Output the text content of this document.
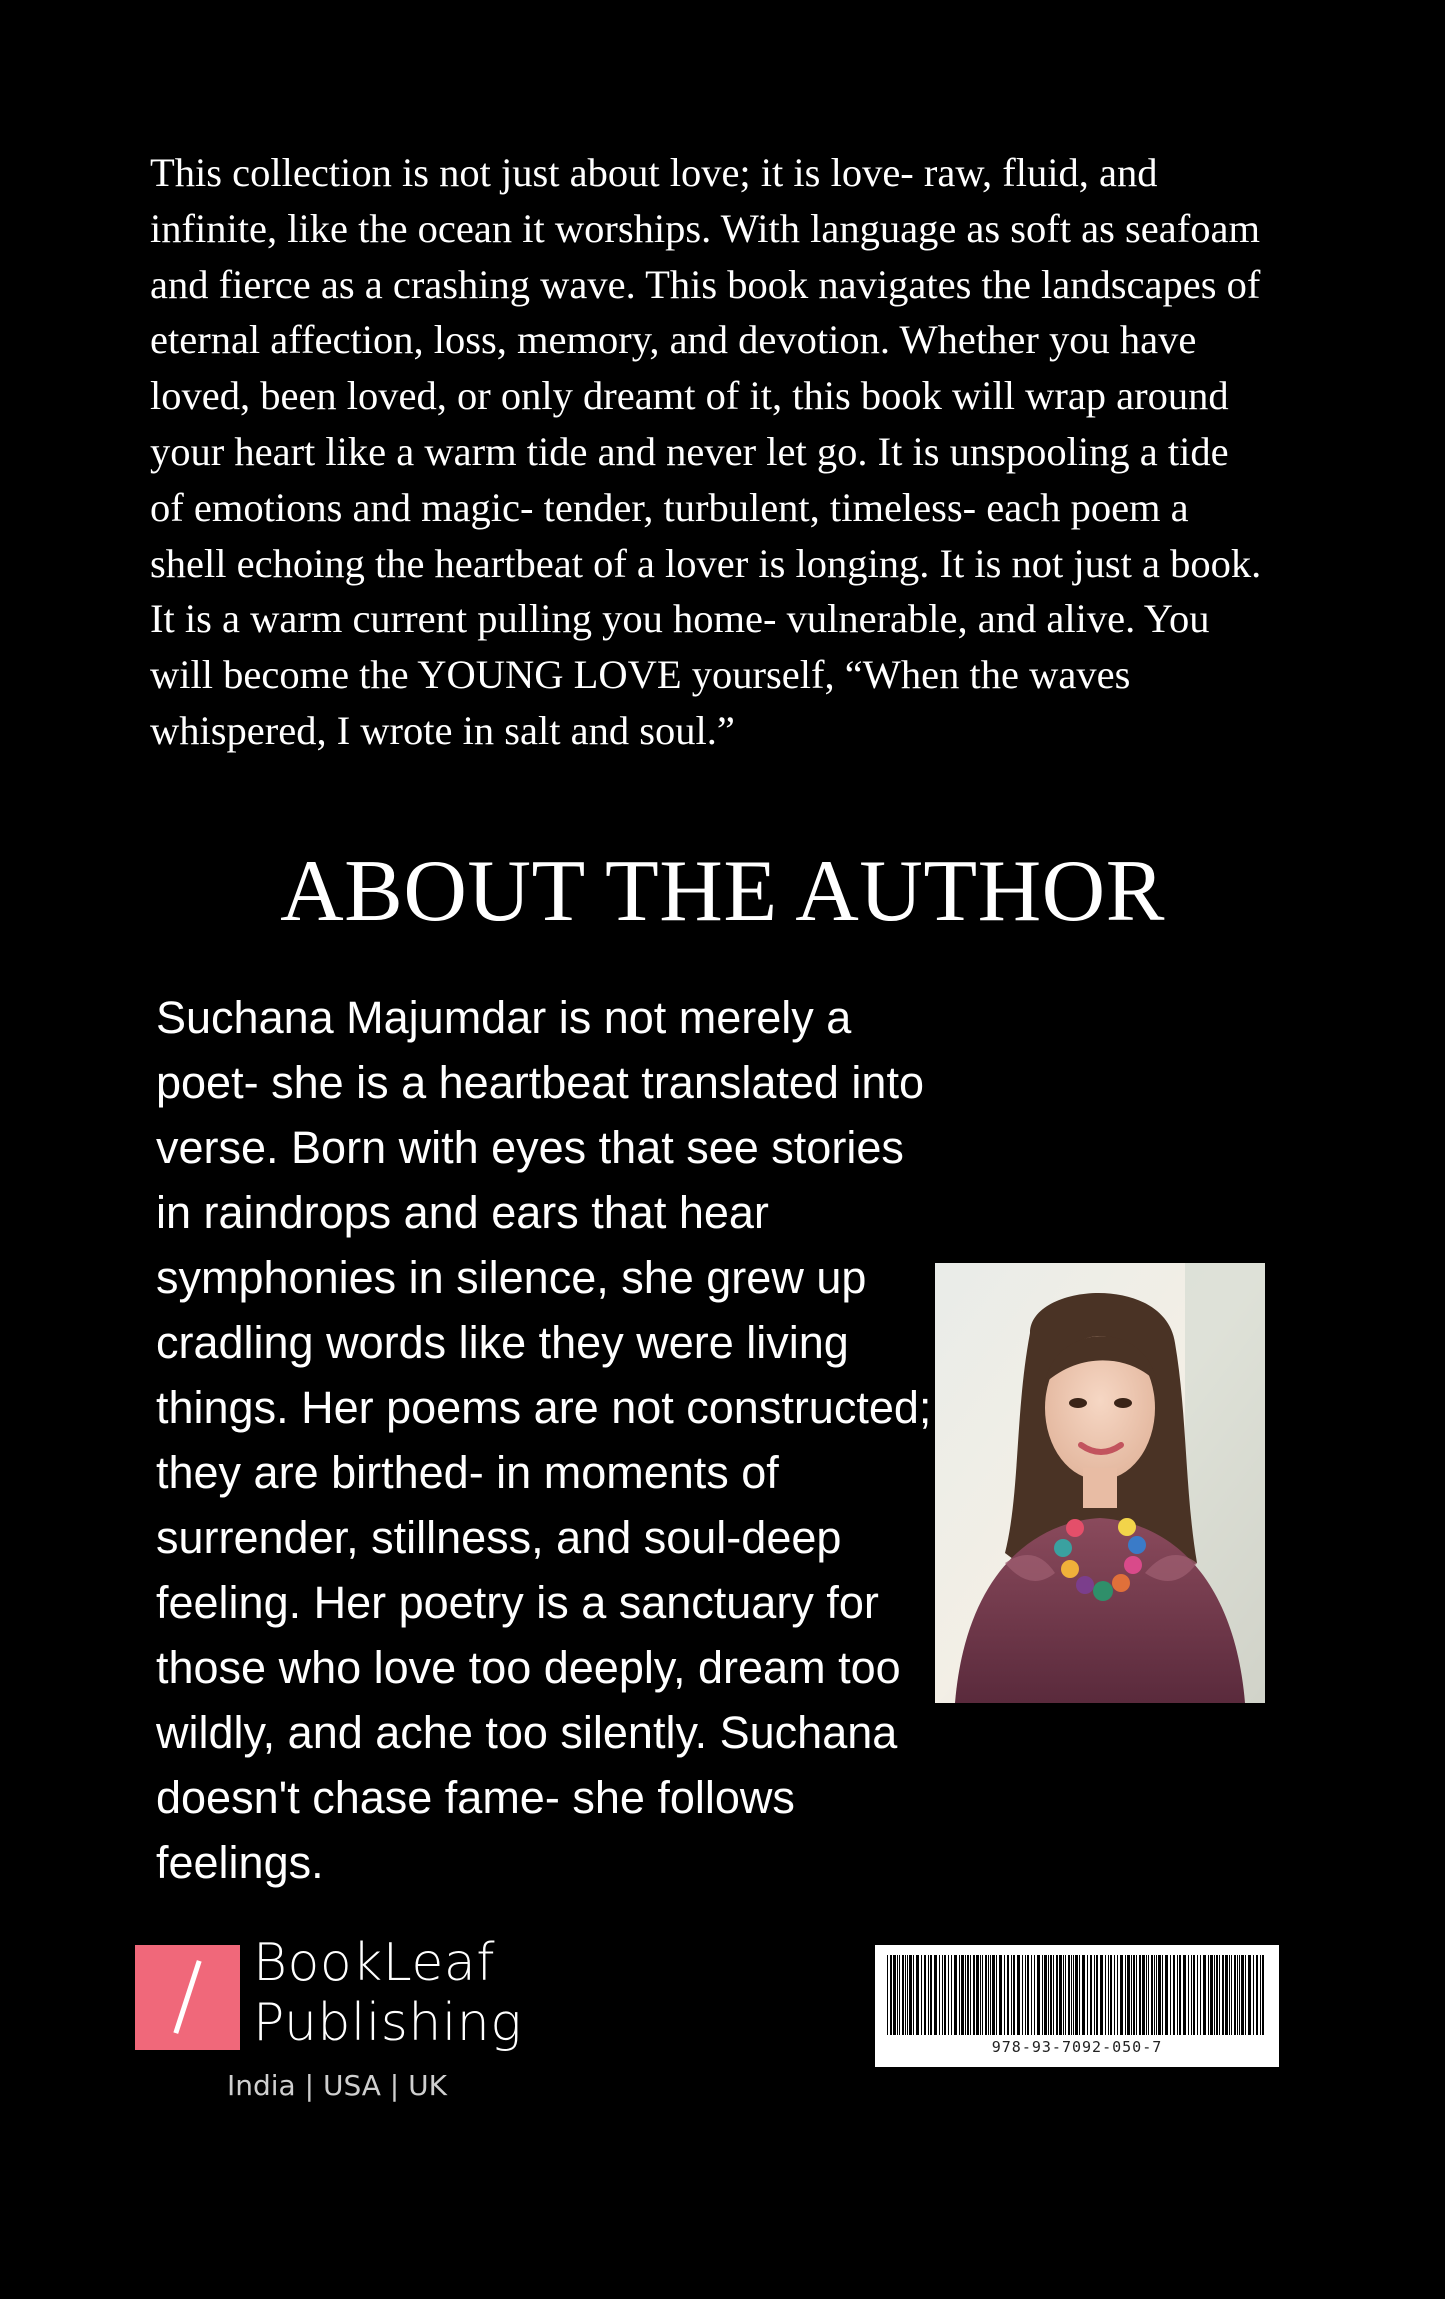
This collection is not just about love; it is love- raw, fluid, and infinite, like the ocean it worships. With language as soft as seafoam and fierce as a crashing wave. This book navigates the landscapes of eternal affection, loss, memory, and devotion. Whether you have loved, been loved, or only dreamt of it, this book will wrap around your heart like a warm tide and never let go. It is unspooling a tide of emotions and magic- tender, turbulent, timeless- each poem a shell echoing the heartbeat of a lover is longing. It is not just a book. It is a warm current pulling you home- vulnerable, and alive. You will become the YOUNG LOVE yourself, “When the waves whispered, I wrote in salt and soul.”

ABOUT THE AUTHOR

Suchana Majumdar is not merely a poet- she is a heartbeat translated into verse. Born with eyes that see stories in raindrops and ears that hear symphonies in silence, she grew up cradling words like they were living things. Her poems are not constructed; they are birthed- in moments of surrender, stillness, and soul-deep feeling. Her poetry is a sanctuary for those who love too deeply, dream too wildly, and ache too silently. Suchana doesn't chase fame- she follows feelings.

BookLeaf
Publishing
India | USA | UK
978-93-7092-050-7
